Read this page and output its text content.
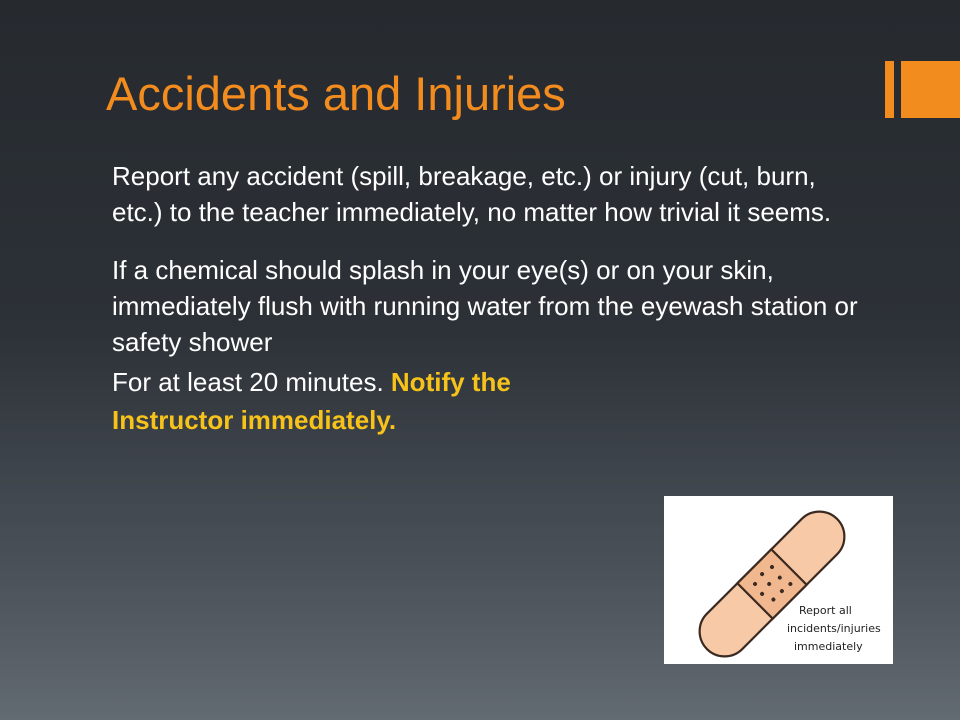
Accidents and Injuries

Report any accident (spill, breakage, etc.) or injury (cut, burn, etc.) to the teacher immediately, no matter how trivial it seems.

If a chemical should splash in your eye(s) or on your skin, immediately flush with running water from the eyewash station or safety shower

For at least 20 minutes. Notify the

Instructor immediately.

Report all
incidents/injuries
immediately
